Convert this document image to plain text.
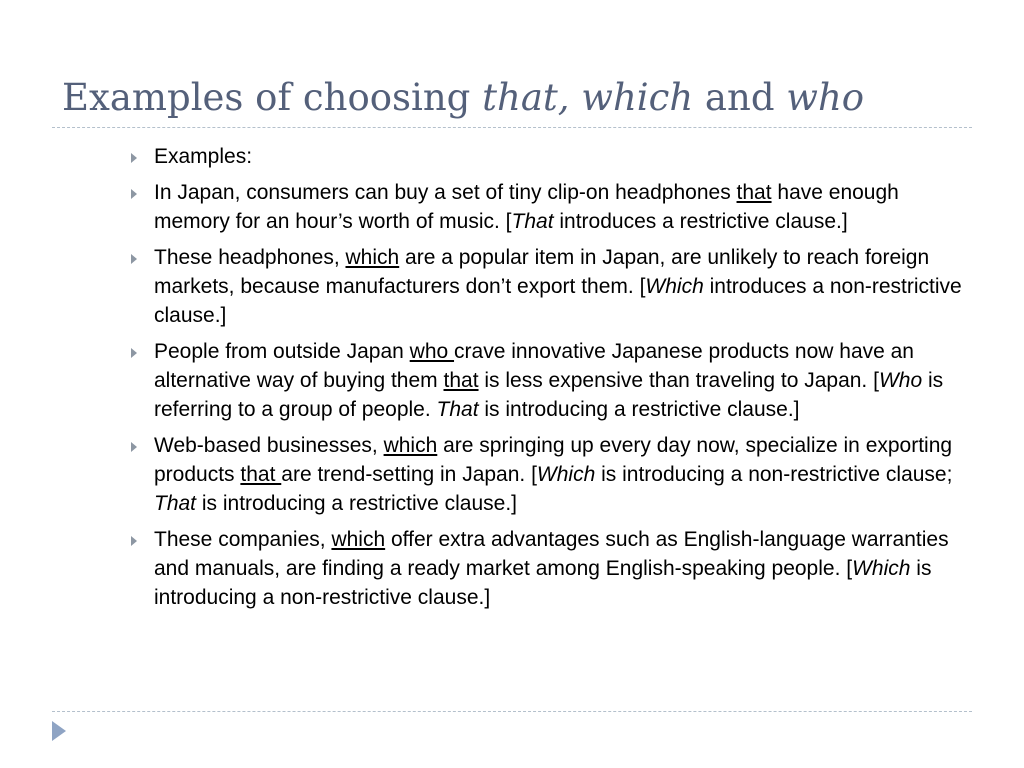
Examples of choosing that, which and who
Examples:
In Japan, consumers can buy a set of tiny clip-on headphones that have enough memory for an hour’s worth of music. [That introduces a restrictive clause.]
These headphones, which are a popular item in Japan, are unlikely to reach foreign markets, because manufacturers don’t export them. [Which introduces a non-restrictive clause.]
People from outside Japan who crave innovative Japanese products now have an alternative way of buying them that is less expensive than traveling to Japan. [Who is referring to a group of people. That is introducing a restrictive clause.]
Web-based businesses, which are springing up every day now, specialize in exporting products that are trend-setting in Japan. [Which is introducing a non-restrictive clause; That is introducing a restrictive clause.]
These companies, which offer extra advantages such as English-language warranties and manuals, are finding a ready market among English-speaking people. [Which is introducing a non-restrictive clause.]
